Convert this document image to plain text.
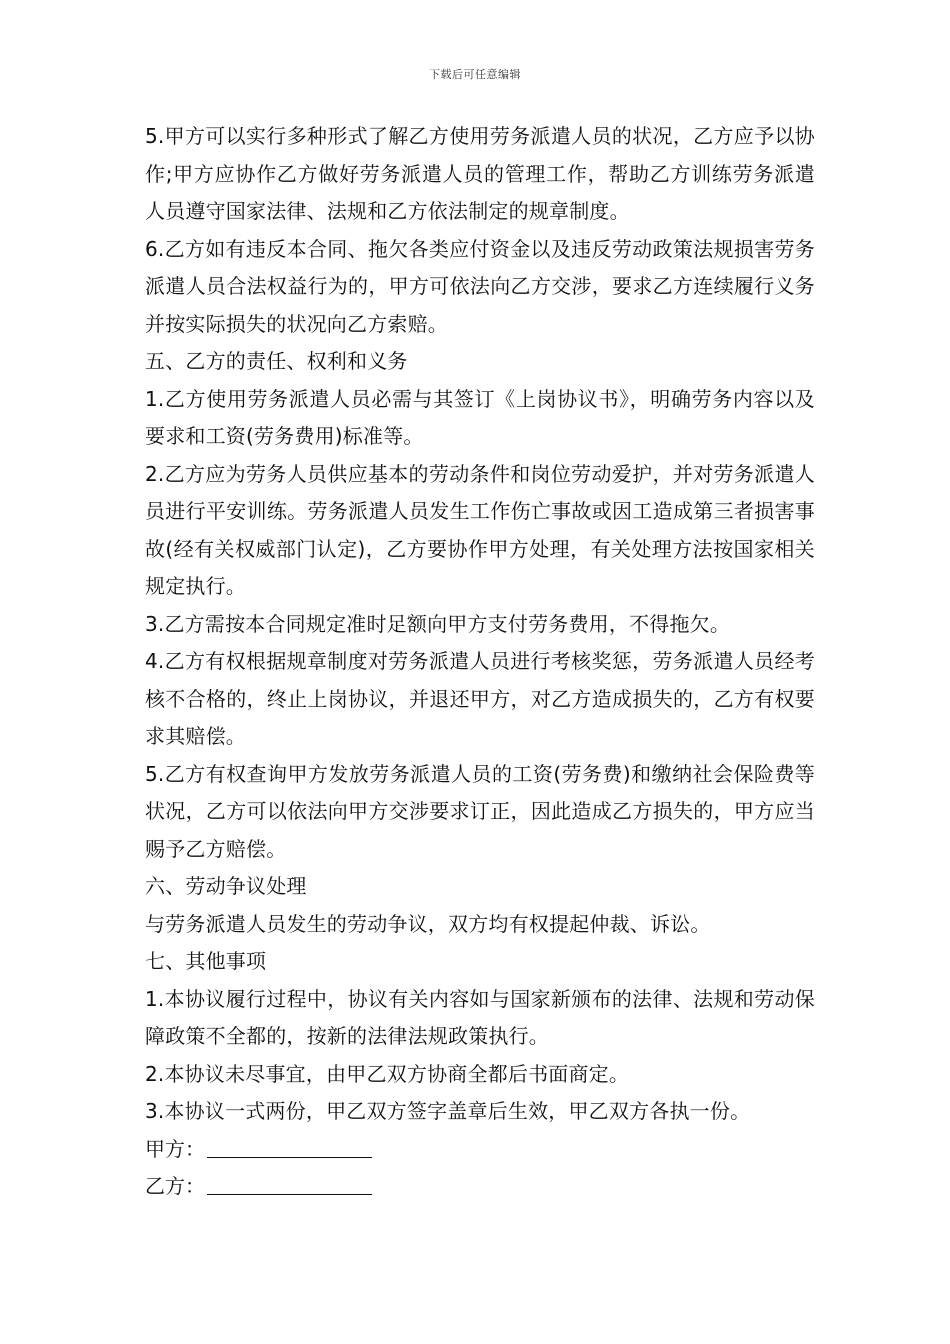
下载后可任意编辑

5.甲方可以实行多种形式了解乙方使用劳务派遣人员的状况，乙方应予以协作;甲方应协作乙方做好劳务派遣人员的管理工作，帮助乙方训练劳务派遣人员遵守国家法律、法规和乙方依法制定的规章制度。

6.乙方如有违反本合同、拖欠各类应付资金以及违反劳动政策法规损害劳务派遣人员合法权益行为的，甲方可依法向乙方交涉，要求乙方连续履行义务并按实际损失的状况向乙方索赔。

五、乙方的责任、权利和义务

1.乙方使用劳务派遣人员必需与其签订《上岗协议书》，明确劳务内容以及要求和工资(劳务费用)标准等。

2.乙方应为劳务人员供应基本的劳动条件和岗位劳动爱护，并对劳务派遣人员进行平安训练。劳务派遣人员发生工作伤亡事故或因工造成第三者损害事故(经有关权威部门认定)，乙方要协作甲方处理，有关处理方法按国家相关规定执行。

3.乙方需按本合同规定准时足额向甲方支付劳务费用，不得拖欠。

4.乙方有权根据规章制度对劳务派遣人员进行考核奖惩，劳务派遣人员经考核不合格的，终止上岗协议，并退还甲方，对乙方造成损失的，乙方有权要求其赔偿。

5.乙方有权查询甲方发放劳务派遣人员的工资(劳务费)和缴纳社会保险费等状况，乙方可以依法向甲方交涉要求订正，因此造成乙方损失的，甲方应当赐予乙方赔偿。

六、劳动争议处理

与劳务派遣人员发生的劳动争议，双方均有权提起仲裁、诉讼。

七、其他事项

1.本协议履行过程中，协议有关内容如与国家新颁布的法律、法规和劳动保障政策不全都的，按新的法律法规政策执行。

2.本协议未尽事宜，由甲乙双方协商全都后书面商定。

3.本协议一式两份，甲乙双方签字盖章后生效，甲乙双方各执一份。

甲方：

乙方：
